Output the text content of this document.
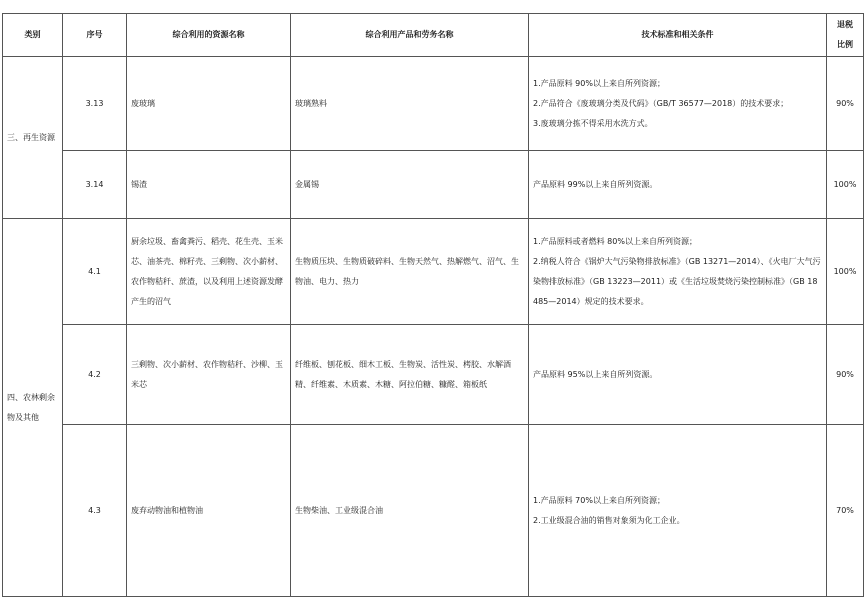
类别	序号	综合利用的资源名称	综合利用产品和劳务名称	技术标准和相关条件	退税
比例

三、再生资源	3.13	废玻璃	玻璃熟料	1.产品原料 90%以上来自所列资源；
2.产品符合《废玻璃分类及代码》（GB/T 36577—2018）的技术要求；
3.废玻璃分拣不得采用水洗方式。	90%
	3.14	锡渣	金属锡	产品原料 99%以上来自所列资源。	100%
四、农林剩余物及其他	4.1	厨余垃圾、畜禽粪污、稻壳、花生壳、玉米芯、油茶壳、棉籽壳、三剩物、次小薪材、农作物秸秆、蔗渣，以及利用上述资源发酵产生的沼气	生物质压块、生物质破碎料、生物天然气、热解燃气、沼气、生物油、电力、热力	1.产品原料或者燃料 80%以上来自所列资源；
2.纳税人符合《锅炉大气污染物排放标准》（GB 13271—2014）、《火电厂大气污染物排放标准》（GB 13223—2011）或《生活垃圾焚烧污染控制标准》（GB 18485—2014）规定的技术要求。	100%
	4.2	三剩物、次小薪材、农作物秸秆、沙柳、玉米芯	纤维板、刨花板、细木工板、生物炭、活性炭、栲胶、水解酒精、纤维素、木质素、木糖、阿拉伯糖、糠醛、箱板纸	产品原料 95%以上来自所列资源。	90%
	4.3	废弃动物油和植物油	生物柴油、工业级混合油	1.产品原料 70%以上来自所列资源；
2.工业级混合油的销售对象须为化工企业。	70%
